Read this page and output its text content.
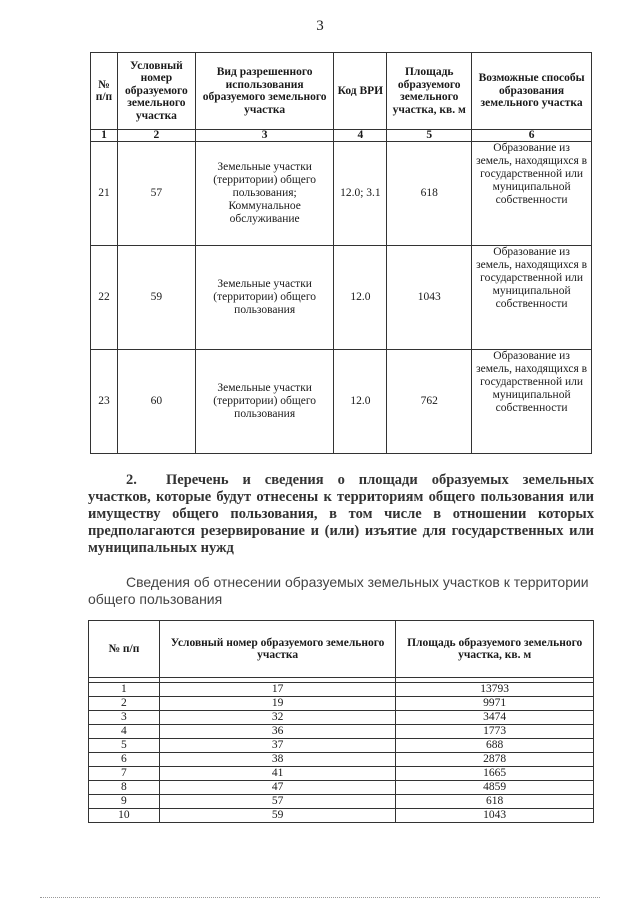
3
№ п/п	Условный номер образуемого земельного участка	Вид разрешенного использования образуемого земельного участка	Код ВРИ	Площадь образуемого земельного участка, кв. м	Возможные способы образования земельного участка
1	2	3	4	5	6
21	57	Земельные участки (территории) общего пользования; Коммунальное обслуживание	12.0; 3.1	618	Образование из земель, находящихся в государственной или муниципальной собственности
22	59	Земельные участки (территории) общего пользования	12.0	1043	Образование из земель, находящихся в государственной или муниципальной собственности
23	60	Земельные участки (территории) общего пользования	12.0	762	Образование из земель, находящихся в государственной или муниципальной собственности
2. Перечень и сведения о площади образуемых земельных участков, которые будут отнесены к территориям общего пользования или имуществу общего пользования, в том числе в отношении которых предполагаются резервирование и (или) изъятие для государственных или муниципальных нужд
Сведения об отнесении образуемых земельных участков к территории общего пользования
№ п/п	Условный номер образуемого земельного участка	Площадь образуемого земельного участка, кв. м

1	17	13793
2	19	9971
3	32	3474
4	36	1773
5	37	688
6	38	2878
7	41	1665
8	47	4859
9	57	618
10	59	1043
